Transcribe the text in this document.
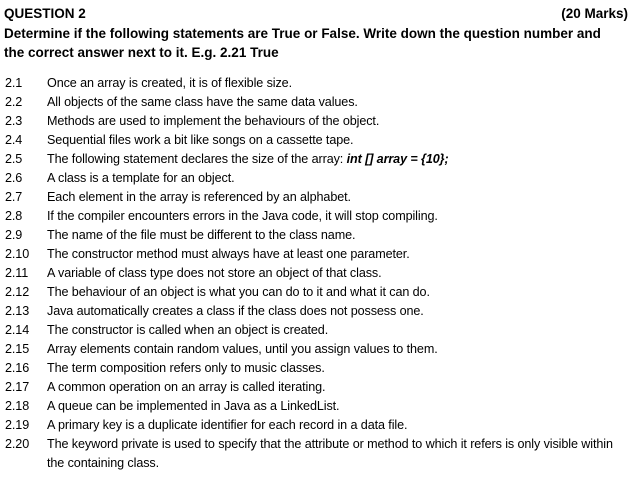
QUESTION 2	(20 Marks)
Determine if the following statements are True or False. Write down the question number and the correct answer next to it. E.g. 2.21 True
2.1	Once an array is created, it is of flexible size.
2.2	All objects of the same class have the same data values.
2.3	Methods are used to implement the behaviours of the object.
2.4	Sequential files work a bit like songs on a cassette tape.
2.5	The following statement declares the size of the array: int [] array = {10};
2.6	A class is a template for an object.
2.7	Each element in the array is referenced by an alphabet.
2.8	If the compiler encounters errors in the Java code, it will stop compiling.
2.9	The name of the file must be different to the class name.
2.10	The constructor method must always have at least one parameter.
2.11	A variable of class type does not store an object of that class.
2.12	The behaviour of an object is what you can do to it and what it can do.
2.13	Java automatically creates a class if the class does not possess one.
2.14	The constructor is called when an object is created.
2.15	Array elements contain random values, until you assign values to them.
2.16	The term composition refers only to music classes.
2.17	A common operation on an array is called iterating.
2.18	A queue can be implemented in Java as a LinkedList.
2.19	A primary key is a duplicate identifier for each record in a data file.
2.20	The keyword private is used to specify that the attribute or method to which it refers is only visible within the containing class.
